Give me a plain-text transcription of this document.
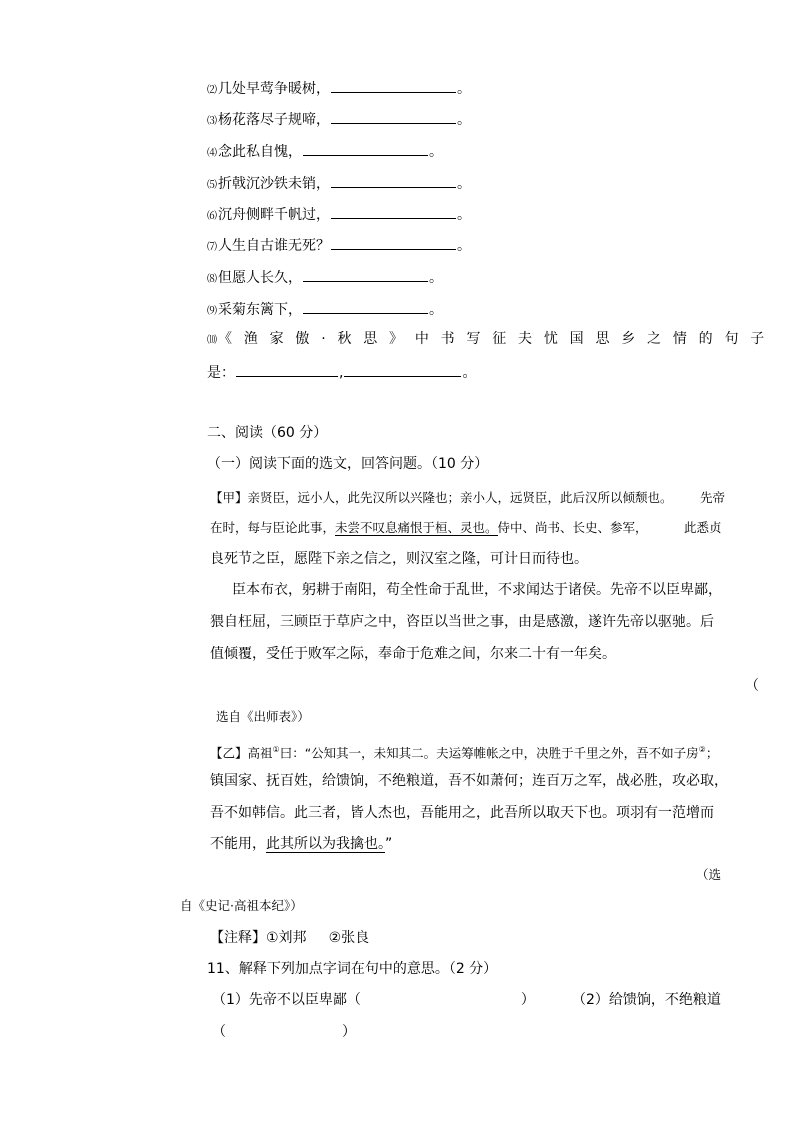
⑵几处早莺争暖树，	。
⑶杨花落尽子规啼，	。
⑷念此私自愧，	。
⑸折戟沉沙铁未销，	。
⑹沉舟侧畔千帆过，	。
⑺人生自古谁无死？	。
⑻但愿人长久，	。
⑼采菊东篱下，	。
⑽《渔家傲·秋思》中书写征夫忧国思乡之情的句子
是：	,	。
二、阅读（60 分）
（一）阅读下面的选文，回答问题。（10 分）
【甲】亲贤臣，远小人，此先汉所以兴隆也；亲小人，远贤臣，此后汉所以倾颓也。 先帝
在时，每与臣论此事，未尝不叹息痛恨于桓、灵也。侍中、尚书、长史、参军，	此悉贞
良死节之臣，愿陛下亲之信之，则汉室之隆，可计日而待也。
臣本布衣，躬耕于南阳，苟全性命于乱世，不求闻达于诸侯。先帝不以臣卑鄙，
猥自枉屈，三顾臣于草庐之中，咨臣以当世之事，由是感激，遂许先帝以驱驰。后
值倾覆，受任于败军之际，奉命于危难之间，尔来二十有一年矣。
（
选自《出师表》）
【乙】高祖①曰：“公知其一，未知其二。夫运筹帷帐之中，决胜于千里之外，吾不如子房②；
镇国家、抚百姓，给馈饷，不绝粮道，吾不如萧何；连百万之军，战必胜，攻必取，
吾不如韩信。此三者，皆人杰也，吾能用之，此吾所以取天下也。项羽有一范增而
不能用，此其所以为我擒也。”
（选
自《史记·高祖本纪》）
【注释】①刘邦 ②张良
11、解释下列加点字词在句中的意思。（2 分）
（1）先帝不以臣卑鄙（	）	（2）给馈饷，不绝粮道
（	）
